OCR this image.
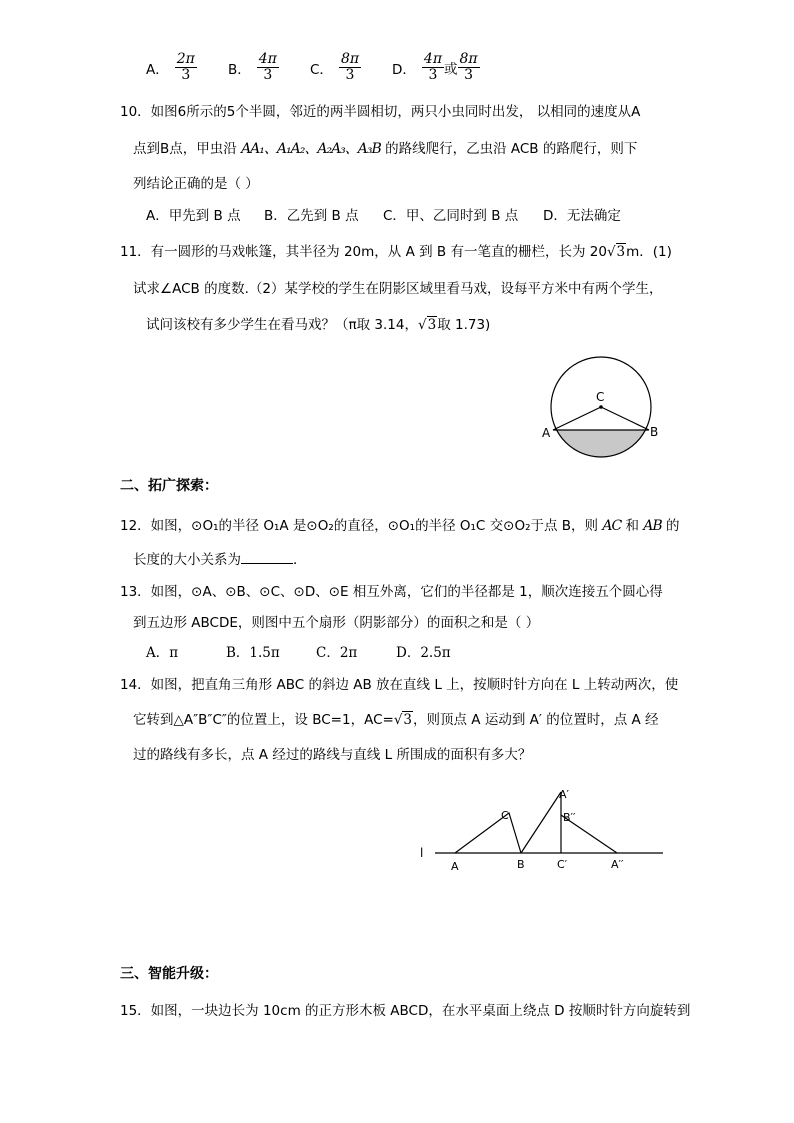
A． $\frac{2\pi}{3}$ B． $\frac{4\pi}{3}$ C． $\frac{8\pi}{3}$ D． $\frac{4\pi}{3}$ 或 $\frac{8\pi}{3}$
10．如图6所示的5个半圆，邻近的两半圆相切，两只小虫同时出发， 以相同的速度从A
点到B点，甲虫沿 AA₁、A₁A₂、A₂A₃、A₃B 的路线爬行，乙虫沿 ACB 的路爬行，则下
列结论正确的是（ ）
A．甲先到 B 点 B．乙先到 B 点 C．甲、乙同时到 B 点 D．无法确定
11．有一圆形的马戏帐篷，其半径为 20m，从 A 到 B 有一笔直的栅栏，长为 20√3m．(1)
试求∠ACB 的度数.（2）某学校的学生在阴影区域里看马戏，设每平方米中有两个学生，
试问该校有多少学生在看马戏？（π取 3.14，√3取 1.73)
C
A	B
二、拓广探索：
12．如图，⊙O₁的半径 O₁A 是⊙O₂的直径，⊙O₁的半径 O₁C 交⊙O₂于点 B，则 AC 和 AB 的
长度的大小关系为	．
13．如图，⊙A、⊙B、⊙C、⊙D、⊙E 相互外离，它们的半径都是 1，顺次连接五个圆心得
到五边形 ABCDE，则图中五个扇形（阴影部分）的面积之和是（ ）
A．π	B．1.5π	C．2π	D．2.5π
14．如图，把直角三角形 ABC 的斜边 AB 放在直线 L 上，按顺时针方向在 L 上转动两次，使
它转到△A″B″C″的位置上，设 BC=1，AC=√3，则顶点 A 运动到 A′ 的位置时，点 A 经
过的路线有多长，点 A 经过的路线与直线 L 所围成的面积有多大？
l
A
C
B
A′
B′′
C′	A′′
三、智能升级：
15．如图，一块边长为 10cm 的正方形木板 ABCD，在水平桌面上绕点 D 按顺时针方向旋转到
